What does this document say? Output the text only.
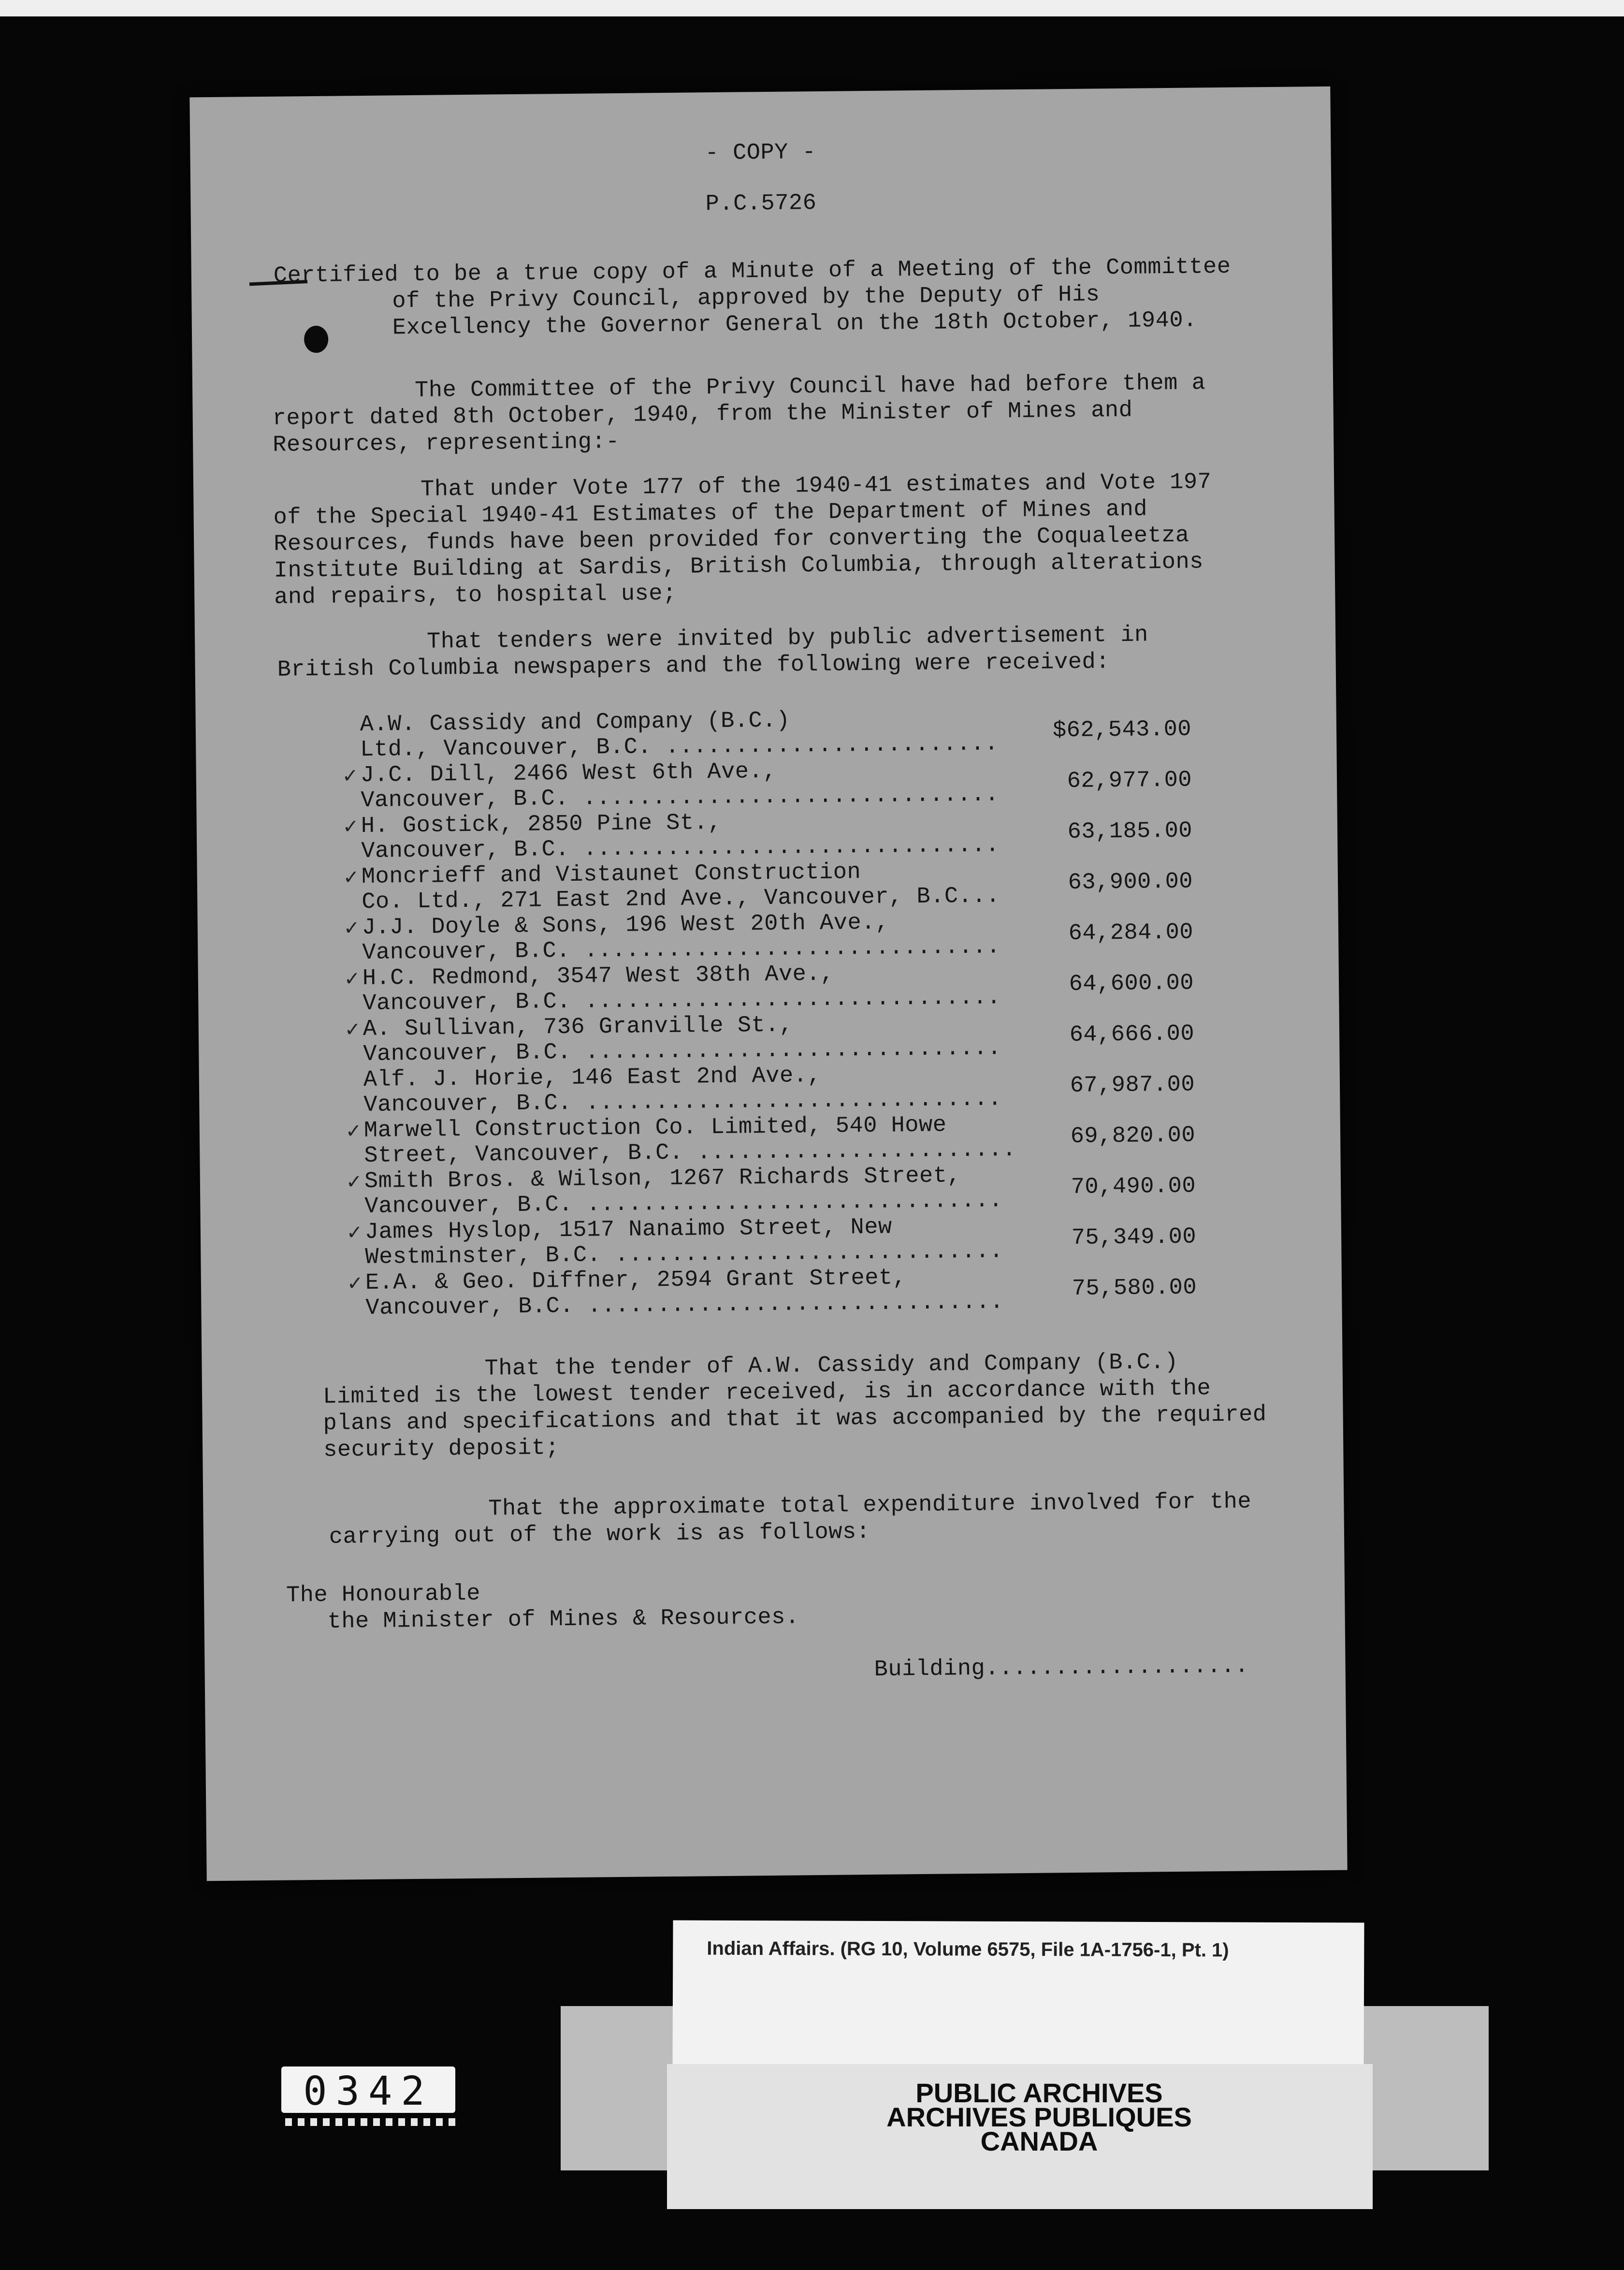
- COPY -
P.C.5726
Certified to be a true copy of a Minute of a Meeting of the Committee
of the Privy Council, approved by the Deputy of His
Excellency the Governor General on the 18th October, 1940.
The Committee of the Privy Council have had before them a
report dated 8th October, 1940, from the Minister of Mines and
Resources, representing:-
That under Vote 177 of the 1940-41 estimates and Vote 197
of the Special 1940-41 Estimates of the Department of Mines and
Resources, funds have been provided for converting the Coqualeetza
Institute Building at Sardis, British Columbia, through alterations
and repairs, to hospital use;
That tenders were invited by public advertisement in
British Columbia newspapers and the following were received:
A.W. Cassidy and Company (B.C.)
Ltd., Vancouver, B.C. ........................
$62,543.00
✓ J.C. Dill, 2466 West 6th Ave.,
Vancouver, B.C. ..............................
62,977.00
✓ H. Gostick, 2850 Pine St.,
Vancouver, B.C. ..............................
63,185.00
✓ Moncrieff and Vistaunet Construction
Co. Ltd., 271 East 2nd Ave., Vancouver, B.C...
63,900.00
✓ J.J. Doyle & Sons, 196 West 20th Ave.,
Vancouver, B.C. ..............................
64,284.00
✓ H.C. Redmond, 3547 West 38th Ave.,
Vancouver, B.C. ..............................
64,600.00
✓ A. Sullivan, 736 Granville St.,
Vancouver, B.C. ..............................
64,666.00
Alf. J. Horie, 146 East 2nd Ave.,
Vancouver, B.C. ..............................
67,987.00
✓ Marwell Construction Co. Limited, 540 Howe
Street, Vancouver, B.C. .......................
69,820.00
✓ Smith Bros. & Wilson, 1267 Richards Street,
Vancouver, B.C. ..............................
70,490.00
✓ James Hyslop, 1517 Nanaimo Street, New
Westminster, B.C. ............................
75,349.00
✓ E.A. & Geo. Diffner, 2594 Grant Street,
Vancouver, B.C. ..............................
75,580.00
That the tender of A.W. Cassidy and Company (B.C.)
Limited is the lowest tender received, is in accordance with the
plans and specifications and that it was accompanied by the required
security deposit;
That the approximate total expenditure involved for the
carrying out of the work is as follows:
The Honourable
the Minister of Mines & Resources.
Building...................
Indian Affairs. (RG 10, Volume 6575, File 1A-1756-1, Pt. 1)
PUBLIC ARCHIVES
ARCHIVES PUBLIQUES
CANADA
0342
